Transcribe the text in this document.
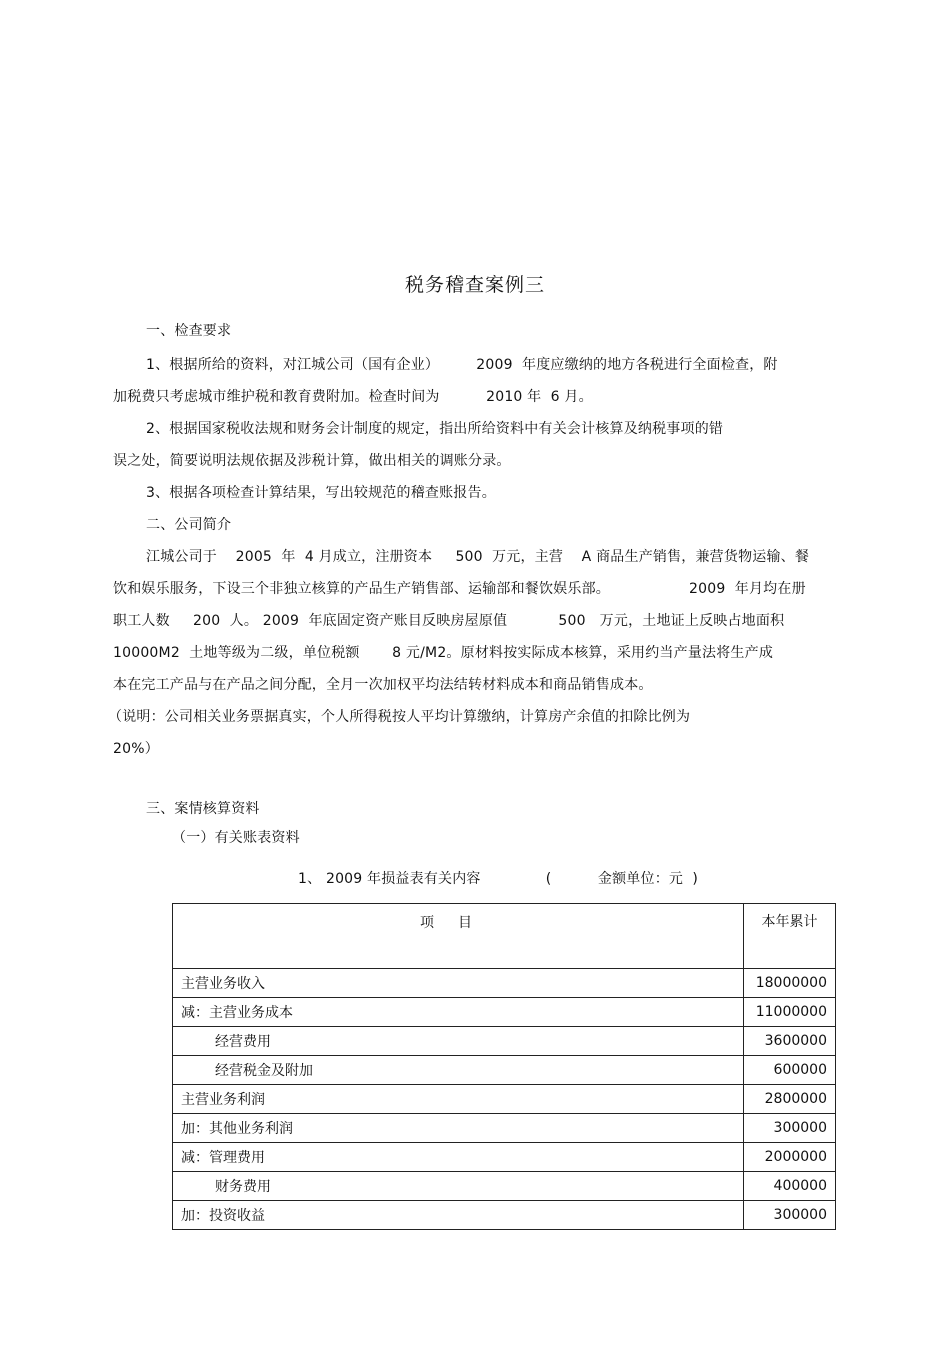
税务稽查案例三
一、检查要求
1、根据所给的资料，对江城公司（国有企业）        2009  年度应缴纳的地方各税进行全面检查，附
加税费只考虑城市维护税和教育费附加。检查时间为          2010 年  6 月。
2、根据国家税收法规和财务会计制度的规定，指出所给资料中有关会计核算及纳税事项的错
误之处，简要说明法规依据及涉税计算，做出相关的调账分录。
3、根据各项检查计算结果，写出较规范的稽查账报告。
二、公司简介
江城公司于    2005  年  4 月成立，注册资本     500  万元，主营    A 商品生产销售，兼营货物运输、餐
饮和娱乐服务，下设三个非独立核算的产品生产销售部、运输部和餐饮娱乐部。                 2009  年月均在册
职工人数     200  人。 2009  年底固定资产账目反映房屋原值           500   万元，土地证上反映占地面积
10000M2  土地等级为二级，单位税额       8 元/M2。原材料按实际成本核算，采用约当产量法将生产成
本在完工产品与在产品之间分配，全月一次加权平均法结转材料成本和商品销售成本。
（说明：公司相关业务票据真实，个人所得税按人平均计算缴纳，计算房产余值的扣除比例为
20%）
三、案情核算资料
（一）有关账表资料
1、 2009 年损益表有关内容              (          金额单位：元  )
项目	本年累计

主营业务收入	18000000
减：主营业务成本	11000000
经营费用	3600000
经营税金及附加	600000
主营业务利润	2800000
加：其他业务利润	300000
减：管理费用	2000000
财务费用	400000
加：投资收益	300000
